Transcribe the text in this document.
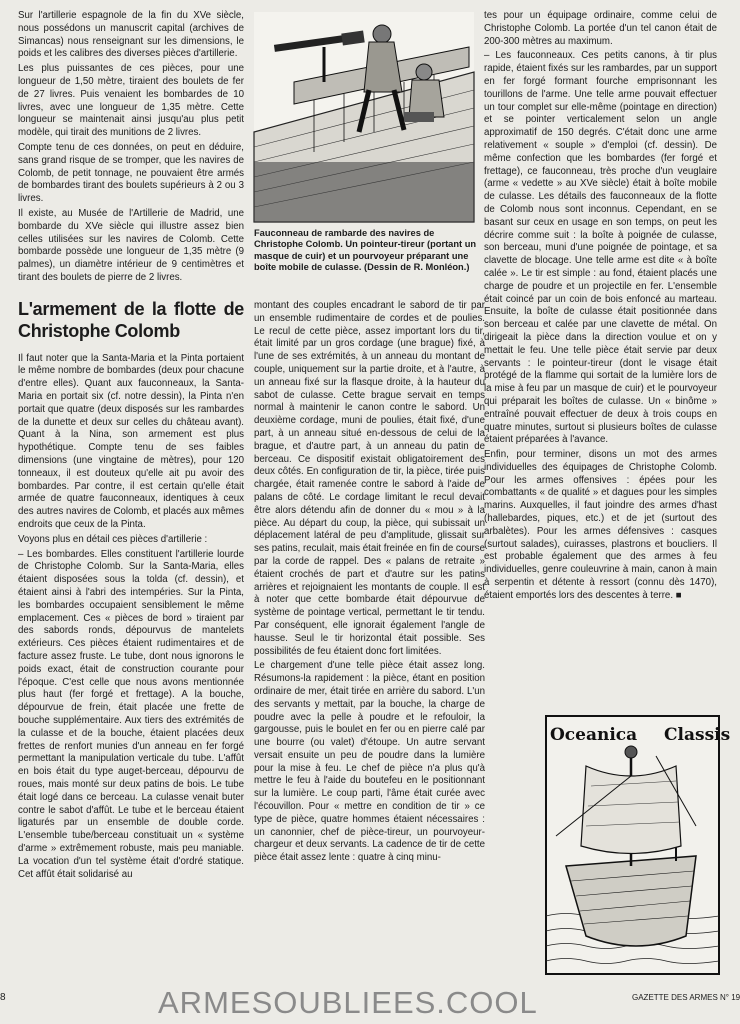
Sur l'artillerie espagnole de la fin du XVe siècle, nous possédons un manuscrit capital (archives de Simancas) nous renseignant sur les dimensions, le poids et les calibres des diverses pièces d'artillerie.

Les plus puissantes de ces pièces, pour une longueur de 1,50 mètre, tiraient des boulets de fer de 27 livres. Puis venaient les bombardes de 10 livres, avec une longueur de 1,35 mètre. Cette longueur se maintenait ainsi jusqu'au plus petit modèle, qui tirait des munitions de 2 livres.

Compte tenu de ces données, on peut en déduire, sans grand risque de se tromper, que les navires de Colomb, de petit tonnage, ne pouvaient être armés de bombardes tirant des boulets supérieurs à 2 ou 3 livres.

Il existe, au Musée de l'Artillerie de Madrid, une bombarde du XVe siècle qui illustre assez bien celles utilisées sur les navires de Colomb. Cette bombarde possède une longueur de 1,35 mètre (9 palmes), un diamètre intérieur de 9 centimètres et tirant des boulets de pierre de 2 livres.

L'armement de la flotte de Christophe Colomb

Il faut noter que la Santa-Maria et la Pinta portaient le même nombre de bombardes (deux pour chacune d'entre elles). Quant aux fauconneaux, la Santa-Maria en portait six (cf. notre dessin), la Pinta n'en portait que quatre (deux disposés sur les rambardes de la dunette et deux sur celles du château avant). Quant à la Nina, son armement est plus hypothétique. Compte tenu de ses faibles dimensions (une vingtaine de mètres), pour 120 tonneaux, il est douteux qu'elle ait pu avoir des bombardes. Par contre, il est certain qu'elle était armée de quatre fauconneaux, identiques à ceux des autres navires de Colomb, et placés aux mêmes endroits que ceux de la Pinta.

Voyons plus en détail ces pièces d'artillerie :

– Les bombardes. Elles constituent l'artillerie lourde de Christophe Colomb. Sur la Santa-Maria, elles étaient disposées sous la tolda (cf. dessin), et étaient ainsi à l'abri des intempéries. Sur la Pinta, les bombardes occupaient sensiblement le même emplacement. Ces « pièces de bord » tiraient par des sabords ronds, dépourvus de mantelets extérieurs. Ces pièces étaient rudimentaires et de facture assez fruste. Le tube, dont nous ignorons le poids exact, était de construction courante pour l'époque. C'est celle que nous avons mentionnée plus haut (fer forgé et frettage). A la bouche, dépourvue de frein, était placée une frette de bouche supplémentaire. Aux tiers des extrémités de la culasse et de la bouche, étaient placées deux frettes de renfort munies d'un anneau en fer forgé permettant la manipulation verticale du tube. L'affût en bois était du type auget-berceau, dépourvu de roues, mais monté sur deux patins de bois. Le tube était logé dans ce berceau. La culasse venait buter contre le sabot d'affût. Le tube et le berceau étaient ligaturés par un ensemble de double corde. L'ensemble tube/berceau constituait un « système d'arme » extrêmement robuste, mais peu maniable. La vocation d'un tel système était d'ordré statique. Cet affût était solidarisé au

Fauconneau de rambarde des navires de Christophe Colomb. Un pointeur-tireur (portant un masque de cuir) et un pourvoyeur préparant une boîte mobile de culasse. (Dessin de R. Monléon.)

montant des couples encadrant le sabord de tir par un ensemble rudimentaire de cordes et de poulies. Le recul de cette pièce, assez important lors du tir, était limité par un gros cordage (une brague) fixé, à l'une de ses extrémités, à un anneau du montant de couple, uniquement sur la partie droite, et à l'autre, à un anneau fixé sur la flasque droite, à la hauteur du sabot de culasse. Cette brague servait en temps normal à maintenir le canon contre le sabord. Un deuxième cordage, muni de poulies, était fixé, d'une part, à un anneau situé en-dessous de celui de la brague, et d'autre part, à un anneau du patin de berceau. Ce dispositif existait obligatoirement des deux côtés. En configuration de tir, la pièce, tirée puis chargée, était ramenée contre le sabord à l'aide de palans de côté. Le cordage limitant le recul devait être alors détendu afin de donner du « mou » à la pièce. Au départ du coup, la pièce, qui subissait un déplacement latéral de peu d'amplitude, glissait sur ses patins, reculait, mais était freinée en fin de course par la corde de rappel. Des « palans de retraite » étaient crochés de part et d'autre sur les patins arrières et rejoignaient les montants de couple. Il est à noter que cette bombarde était dépourvue de système de pointage vertical, permettant le tir tendu. Par conséquent, elle ignorait également l'angle de hausse. Seul le tir horizontal était possible. Ses possibilités de feu étaient donc fort limitées.

Le chargement d'une telle pièce était assez long. Résumons-la rapidement : la pièce, étant en position ordinaire de mer, était tirée en arrière du sabord. L'un des servants y mettait, par la bouche, la charge de poudre avec la pelle à poudre et le refouloir, la gargousse, puis le boulet en fer ou en pierre calé par une bourre (ou valet) d'étoupe. Un autre servant versait ensuite un peu de poudre dans la lumière pour la mise à feu. Le chef de pièce n'a plus qu'à mettre le feu à l'aide du boutefeu en le positionnant sur la lumière. Le coup parti, l'âme était curée avec l'écouvillon. Pour « mettre en condition de tir » ce type de pièce, quatre hommes étaient nécessaires : un canonnier, chef de pièce-tireur, un pourvoyeur-chargeur et deux servants. La cadence de tir de cette pièce était assez lente : quatre à cinq minu-

tes pour un équipage ordinaire, comme celui de Christophe Colomb. La portée d'un tel canon était de 200-300 mètres au maximum.

– Les fauconneaux. Ces petits canons, à tir plus rapide, étaient fixés sur les rambardes, par un support en fer forgé formant fourche emprisonnant les tourillons de l'arme. Une telle arme pouvait effectuer un tour complet sur elle-même (pointage en direction) et se pointer verticalement selon un angle approximatif de 150 degrés. C'était donc une arme relativement « souple » d'emploi (cf. dessin). De même confection que les bombardes (fer forgé et frettage), ce fauconneau, très proche d'un veuglaire (arme « vedette » au XVe siècle) était à boîte mobile de culasse. Les détails des fauconneaux de la flotte de Colomb nous sont inconnus. Cependant, en se basant sur ceux en usage en son temps, on peut les décrire comme suit : la boîte à poignée de culasse, son berceau, muni d'une poignée de pointage, et sa clavette de blocage. Une telle arme est dite « à boîte calée ». Le tir est simple : au fond, étaient placés une charge de poudre et un projectile en fer. L'ensemble était coincé par un coin de bois enfoncé au marteau. Ensuite, la boîte de culasse était positionnée dans son berceau et calée par une clavette de métal. On dirigeait la pièce dans la direction voulue et on y mettait le feu. Une telle pièce était servie par deux servants : le pointeur-tireur (dont le visage était protégé de la flamme qui sortait de la lumière lors de la mise à feu par un masque de cuir) et le pourvoyeur qui préparait les boîtes de culasse. Un « binôme » entraîné pouvait effectuer de deux à trois coups en quatre minutes, surtout si plusieurs boîtes de culasse étaient préparées à l'avance.

Enfin, pour terminer, disons un mot des armes individuelles des équipages de Christophe Colomb. Pour les armes offensives : épées pour les combattants « de qualité » et dagues pour les simples marins. Auxquelles, il faut joindre des armes d'hast (hallebardes, piques, etc.) et de jet (surtout des arbalètes). Pour les armes défensives : casques (surtout salades), cuirasses, plastrons et boucliers. Il est probable également que des armes à feu individuelles, genre couleuvrine à main, canon à main à serpentin et détente à ressort (connu dès 1470), étaient emportés lors des descentes à terre. ■

Oceanica Classis
8	ARMESOUBLIEES.COOL	GAZETTE DES ARMES N° 19
